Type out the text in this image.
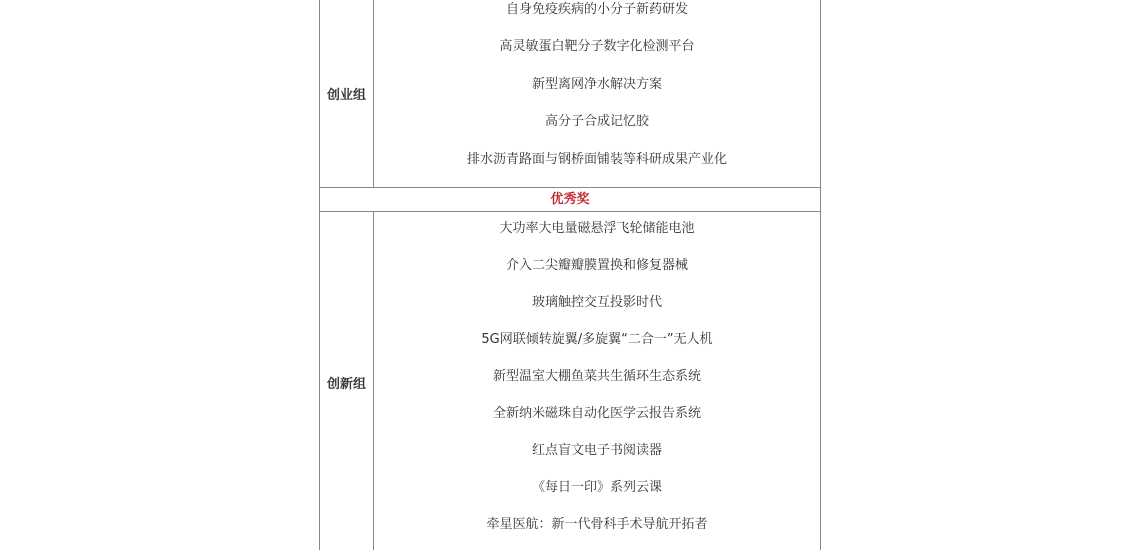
创业组
自身免疫疾病的小分子新药研发
高灵敏蛋白靶分子数字化检测平台
新型离网净水解决方案
高分子合成记忆胶
排水沥青路面与钢桥面铺装等科研成果产业化
优秀奖
创新组
大功率大电量磁悬浮飞轮储能电池
介入二尖瓣瓣膜置换和修复器械
玻璃触控交互投影时代
5G网联倾转旋翼/多旋翼“二合一”无人机
新型温室大棚鱼菜共生循环生态系统
全新纳米磁珠自动化医学云报告系统
红点盲文电子书阅读器
《每日一印》系列云课
牵星医航：新一代骨科手术导航开拓者
